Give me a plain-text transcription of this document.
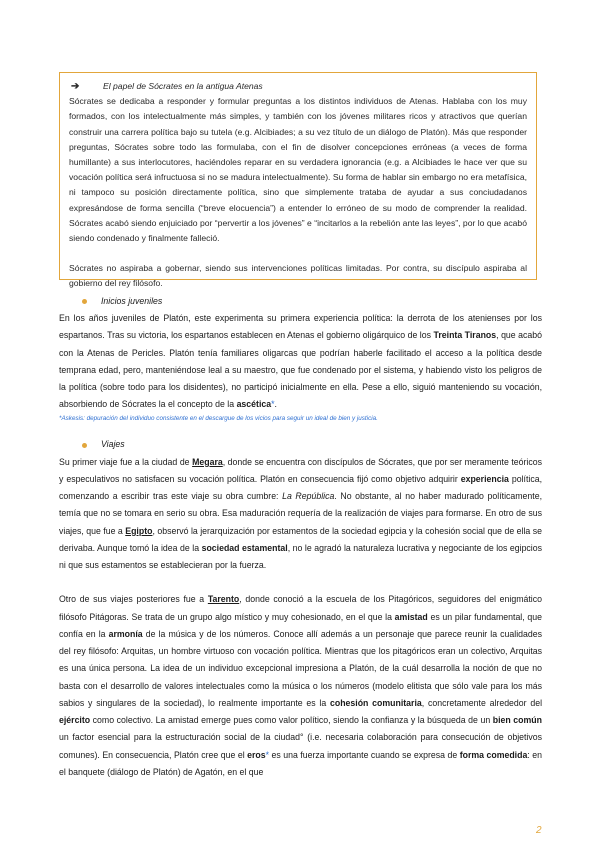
➔	El papel de Sócrates en la antigua Atenas

Sócrates se dedicaba a responder y formular preguntas a los distintos individuos de Atenas. Hablaba con los muy formados, con los intelectualmente más simples, y también con los jóvenes militares ricos y atractivos que querían construir una carrera política bajo su tutela (e.g. Alcibiades; a su vez título de un diálogo de Platón). Más que responder preguntas, Sócrates sobre todo las formulaba, con el fin de disolver concepciones erróneas (a veces de forma humillante) a sus interlocutores, haciéndoles reparar en su verdadera ignorancia (e.g. a Alcibiades le hace ver que su vocación política será infructuosa si no se madura intelectualmente). Su forma de hablar sin embargo no era metafísica, ni tampoco su posición directamente política, sino que simplemente trataba de ayudar a sus conciudadanos expresándose de forma sencilla (“breve elocuencia”) a entender lo erróneo de su modo de comprender la realidad. Sócrates acabó siendo enjuiciado por “pervertir a los jóvenes” e “incitarlos a la rebelión ante las leyes”, por lo que acabó siendo condenado y finalmente falleció.

Sócrates no aspiraba a gobernar, siendo sus intervenciones políticas limitadas. Por contra, su discípulo aspiraba al gobierno del rey filósofo.

Inicios juveniles

En los años juveniles de Platón, este experimenta su primera experiencia política: la derrota de los atenienses por los espartanos. Tras su victoria, los espartanos establecen en Atenas el gobierno oligárquico de los Treinta Tiranos, que acabó con la Atenas de Pericles. Platón tenía familiares oligarcas que podrían haberle facilitado el acceso a la política desde temprana edad, pero, manteniéndose leal a su maestro, que fue condenado por el sistema, y habiendo visto los peligros de la política (sobre todo para los disidentes), no participó inicialmente en ella. Pese a ello, siguió manteniendo su vocación, absorbiendo de Sócrates la el concepto de la ascética*.

*Askesis: depuración del individuo consistente en el descargue de los vicios para seguir un ideal de bien y justicia.

Viajes

Su primer viaje fue a la ciudad de Megara, donde se encuentra con discípulos de Sócrates, que por ser meramente teóricos y especulativos no satisfacen su vocación política. Platón en consecuencia fijó como objetivo adquirir experiencia política, comenzando a escribir tras este viaje su obra cumbre: La República. No obstante, al no haber madurado políticamente, temía que no se tomara en serio su obra. Esa maduración requería de la realización de viajes para formarse. En otro de sus viajes, que fue a Egipto, observó la jerarquización por estamentos de la sociedad egipcia y la cohesión social que de ella se derivaba. Aunque tomó la idea de la sociedad estamental, no le agradó la naturaleza lucrativa y negociante de los egipcios ni que sus estamentos se establecieran por la fuerza.

Otro de sus viajes posteriores fue a Tarento, donde conoció a la escuela de los Pitagóricos, seguidores del enigmático filósofo Pitágoras. Se trata de un grupo algo místico y muy cohesionado, en el que la amistad es un pilar fundamental, que confía en la armonía de la música y de los números. Conoce allí además a un personaje que parece reunir la cualidades del rey filósofo: Arquitas, un hombre virtuoso con vocación política. Mientras que los pitagóricos eran un colectivo, Arquitas es una única persona. La idea de un individuo excepcional impresiona a Platón, de la cuál desarrolla la noción de que no basta con el desarrollo de valores intelectuales como la música o los números (modelo elitista que sólo vale para los más sabios y singulares de la sociedad), lo realmente importante es la cohesión comunitaria, concretamente alrededor del ejército como colectivo. La amistad emerge pues como valor político, siendo la confianza y la búsqueda de un bien común un factor esencial para la estructuración social de la ciudad° (i.e. necesaria colaboración para consecución de objetivos comunes). En consecuencia, Platón cree que el eros* es una fuerza importante cuando se expresa de forma comedida: en el banquete (diálogo de Platón) de Agatón, en el que

2
